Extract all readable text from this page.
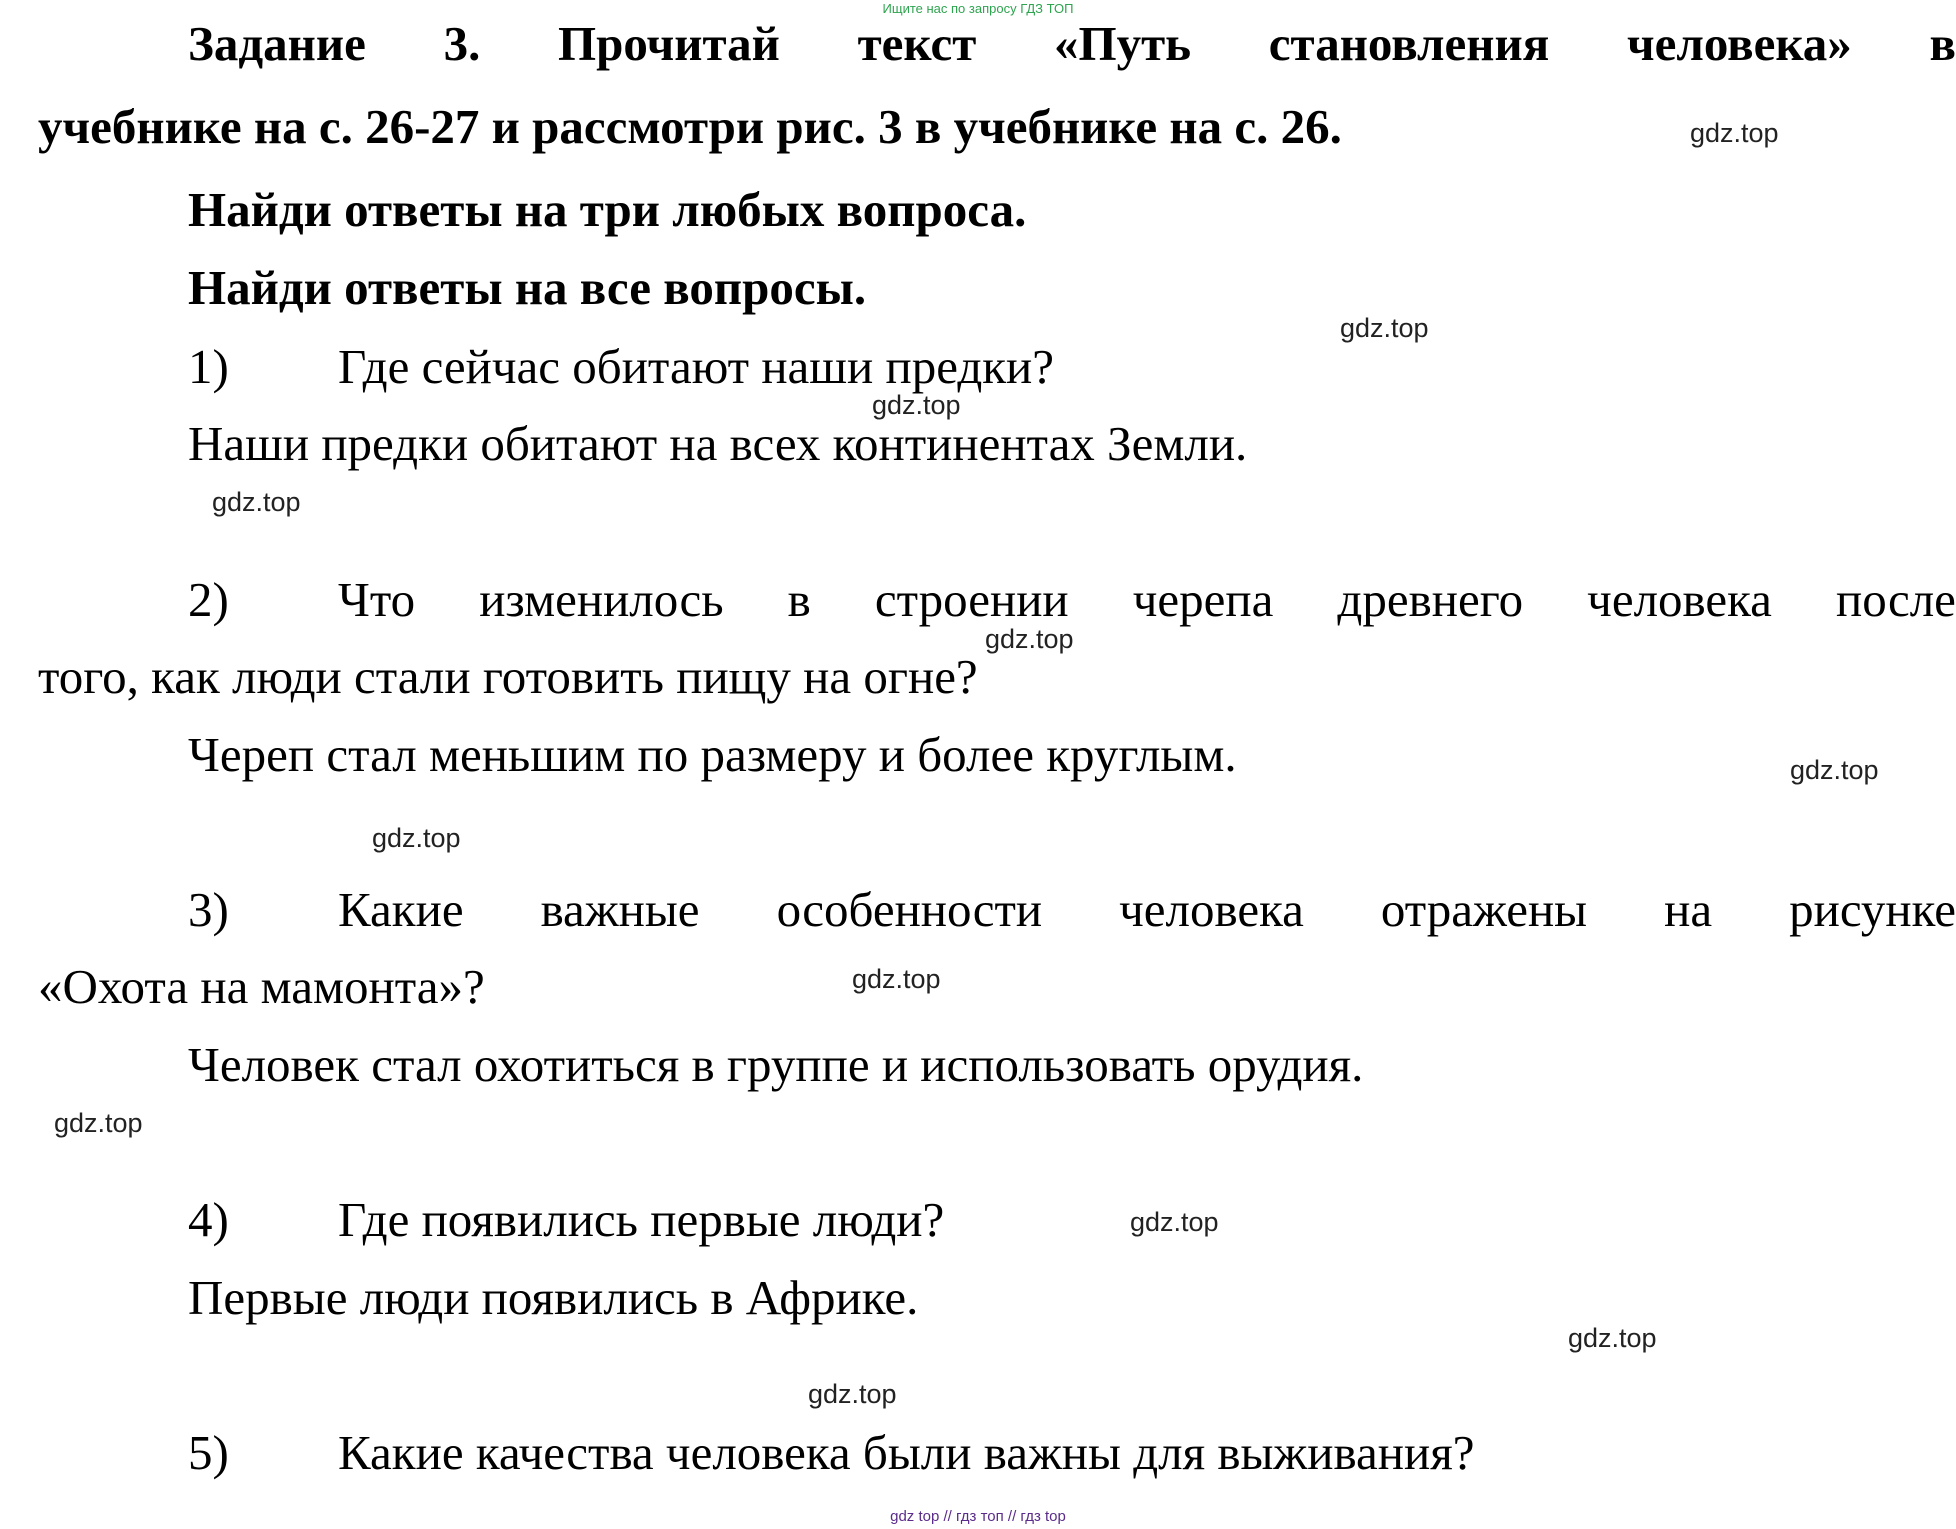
Ищите нас по запросу ГДЗ ТОП
Задание 3. Прочитай текст «Путь становления человека» в
учебнике на с. 26-27 и рассмотри рис. 3 в учебнике на с. 26.
Найди ответы на три любых вопроса.
Найди ответы на все вопросы.
1) Где сейчас обитают наши предки?
Наши предки обитают на всех континентах Земли.
2) Что изменилось в строении черепа древнего человека после
того, как люди стали готовить пищу на огне?
Череп стал меньшим по размеру и более круглым.
3) Какие важные особенности человека отражены на рисунке
«Охота на мамонта»?
Человек стал охотиться в группе и использовать орудия.
4) Где появились первые люди?
Первые люди появились в Африке.
5) Какие качества человека были важны для выживания?
gdz.top
gdz.top
gdz.top
gdz.top
gdz.top
gdz.top
gdz.top
gdz.top
gdz.top
gdz.top
gdz.top
gdz.top
gdz top // гдз топ // гдз top
